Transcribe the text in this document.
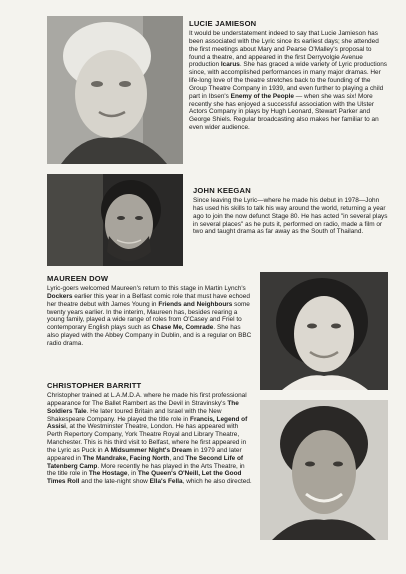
LUCIE JAMIESON

It would be understatement indeed to say that Lucie Jamieson has been associated with the Lyric since its earliest days; she attended the first meetings about Mary and Pearse O'Malley's proposal to found a theatre, and appeared in the first Derryvolgie Avenue production Icarus. She has graced a wide variety of Lyric productions since, with accomplished performances in many major dramas. Her life-long love of the theatre stretches back to the founding of the Group Theatre Company in 1939, and even further to playing a child part in Ibsen's Enemy of the People — when she was six! More recently she has enjoyed a successful association with the Ulster Actors Company in plays by Hugh Leonard, Stewart Parker and George Shiels. Regular broadcasting also makes her familiar to an even wider audience.

JOHN KEEGAN

Since leaving the Lyric—where he made his debut in 1978—John has used his skills to talk his way around the world, returning a year ago to join the now defunct Stage 80. He has acted "in several plays in several places" as he puts it, performed on radio, made a film or two and taught drama as far away as the South of Thailand.

MAUREEN DOW

Lyric-goers welcomed Maureen's return to this stage in Martin Lynch's Dockers earlier this year in a Belfast comic role that must have echoed her theatre debut with James Young in Friends and Neighbours some twenty years earlier. In the interim, Maureen has, besides rearing a young family, played a wide range of roles from O'Casey and Friel to contemporary English plays such as Chase Me, Comrade. She has also played with the Abbey Company in Dublin, and is a regular on BBC radio drama.

CHRISTOPHER BARRITT

Christopher trained at L.A.M.D.A. where he made his first professional appearance for The Ballet Rambert as the Devil in Stravinsky's The Soldiers Tale. He later toured Britain and Israel with the New Shakespeare Company. He played the title role in Francis, Legend of Assisi, at the Westminster Theatre, London. He has appeared with Perth Repertory Company, York Theatre Royal and Library Theatre, Manchester. This is his third visit to Belfast, where he first appeared in the Lyric as Puck in A Midsummer Night's Dream in 1979 and later appeared in The Mandrake, Facing North, and The Second Life of Tatenberg Camp. More recently he has played in the Arts Theatre, in the title role in The Hostage, in The Queen's O'Neill, Let the Good Times Roll and the late-night show Ella's Fella, which he also directed.
